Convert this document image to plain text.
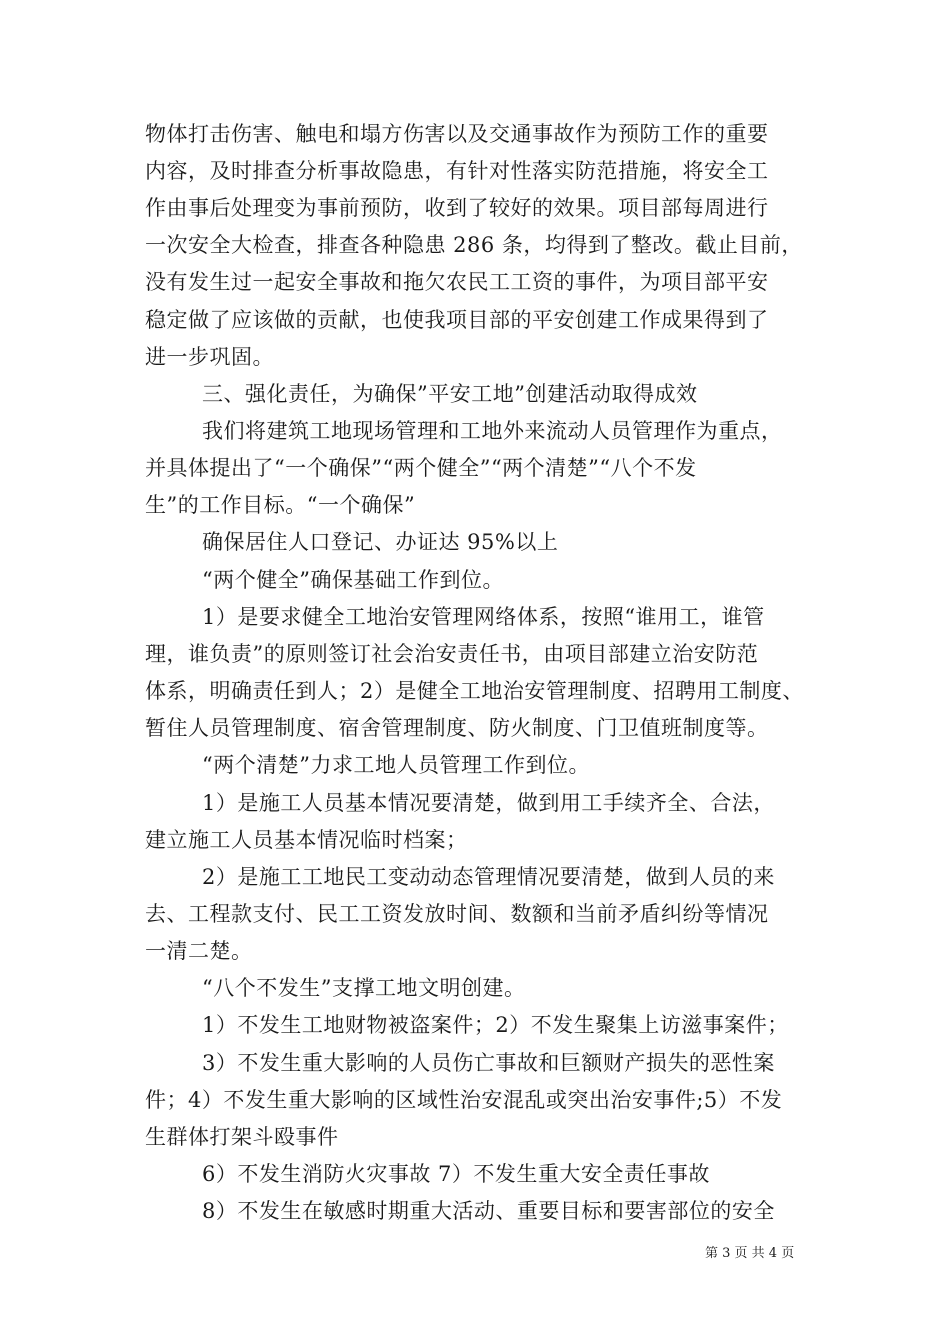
物体打击伤害、触电和塌方伤害以及交通事故作为预防工作的重要
内容，及时排查分析事故隐患，有针对性落实防范措施，将安全工
作由事后处理变为事前预防，收到了较好的效果。项目部每周进行
一次安全大检查，排查各种隐患 286 条，均得到了整改。截止目前，
没有发生过一起安全事故和拖欠农民工工资的事件，为项目部平安
稳定做了应该做的贡献，也使我项目部的平安创建工作成果得到了
进一步巩固。
三、强化责任，为确保”平安工地”创建活动取得成效
我们将建筑工地现场管理和工地外来流动人员管理作为重点，
并具体提出了“一个确保”“两个健全”“两个清楚”“八个不发
生”的工作目标。“一个确保”
确保居住人口登记、办证达 95%以上
“两个健全”确保基础工作到位。
1）是要求健全工地治安管理网络体系，按照“谁用工，谁管
理，谁负责”的原则签订社会治安责任书，由项目部建立治安防范
体系，明确责任到人；2）是健全工地治安管理制度、招聘用工制度、
暂住人员管理制度、宿舍管理制度、防火制度、门卫值班制度等。
“两个清楚”力求工地人员管理工作到位。
1）是施工人员基本情况要清楚，做到用工手续齐全、合法，
建立施工人员基本情况临时档案；
2）是施工工地民工变动动态管理情况要清楚，做到人员的来
去、工程款支付、民工工资发放时间、数额和当前矛盾纠纷等情况
一清二楚。
“八个不发生”支撑工地文明创建。
1）不发生工地财物被盗案件；2）不发生聚集上访滋事案件；
3）不发生重大影响的人员伤亡事故和巨额财产损失的恶性案
件；4）不发生重大影响的区域性治安混乱或突出治安事件;5）不发
生群体打架斗殴事件
6）不发生消防火灾事故 7）不发生重大安全责任事故
8）不发生在敏感时期重大活动、重要目标和要害部位的安全
第 3 页 共 4 页
